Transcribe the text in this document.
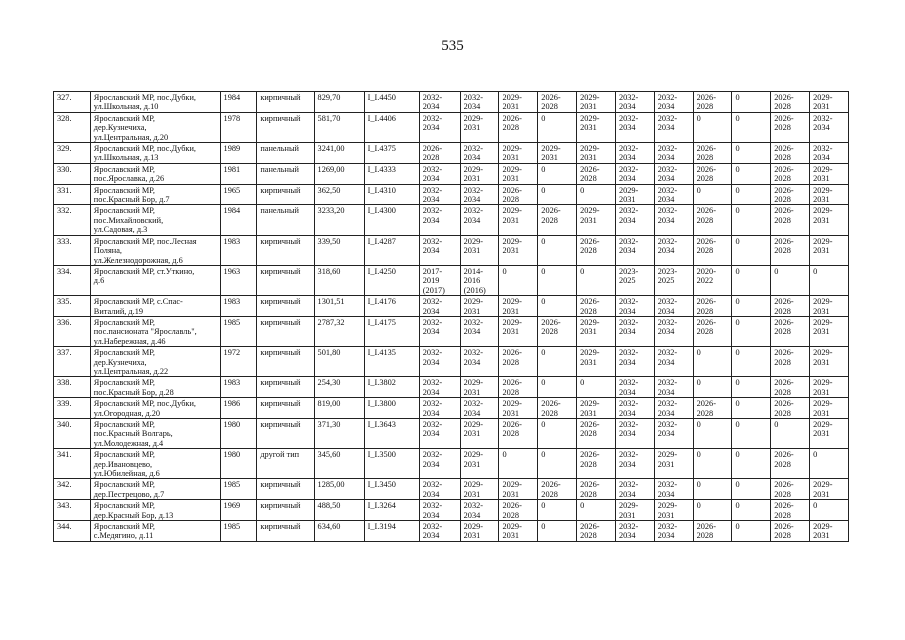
535
327.	Ярославский МР, пос.Дубки,
ул.Школьная, д.10	1984	кирпичный	829,70	I_I.4450	2032-
2034	2032-
2034	2029-
2031	2026-
2028	2029-
2031	2032-
2034	2032-
2034	2026-
2028	0	2026-
2028	2029-
2031
328.	Ярославский МР,
дер.Кузнечиха,
ул.Центральная, д.20	1978	кирпичный	581,70	I_I.4406	2032-
2034	2029-
2031	2026-
2028	0	2029-
2031	2032-
2034	2032-
2034	0	0	2026-
2028	2032-
2034
329.	Ярославский МР, пос.Дубки,
ул.Школьная, д.13	1989	панельный	3241,00	I_I.4375	2026-
2028	2032-
2034	2029-
2031	2029-
2031	2029-
2031	2032-
2034	2032-
2034	2026-
2028	0	2026-
2028	2032-
2034
330.	Ярославский МР,
пос.Ярославка, д.26	1981	панельный	1269,00	I_I.4333	2032-
2034	2029-
2031	2029-
2031	0	2026-
2028	2032-
2034	2032-
2034	2026-
2028	0	2026-
2028	2029-
2031
331.	Ярославский МР,
пос.Красный Бор, д.7	1965	кирпичный	362,50	I_I.4310	2032-
2034	2032-
2034	2026-
2028	0	0	2029-
2031	2032-
2034	0	0	2026-
2028	2029-
2031
332.	Ярославский МР,
пос.Михайловский,
ул.Садовая, д.3	1984	панельный	3233,20	I_I.4300	2032-
2034	2032-
2034	2029-
2031	2026-
2028	2029-
2031	2032-
2034	2032-
2034	2026-
2028	0	2026-
2028	2029-
2031
333.	Ярославский МР, пос.Лесная
Поляна,
ул.Железнодорожная, д.6	1983	кирпичный	339,50	I_I.4287	2032-
2034	2029-
2031	2029-
2031	0	2026-
2028	2032-
2034	2032-
2034	2026-
2028	0	2026-
2028	2029-
2031
334.	Ярославский МР, ст.Уткино,
д.6	1963	кирпичный	318,60	I_I.4250	2017-
2019
(2017)	2014-
2016
(2016)	0	0	0	2023-
2025	2023-
2025	2020-
2022	0	0	0
335.	Ярославский МР, с.Спас-
Виталий, д.19	1983	кирпичный	1301,51	I_I.4176	2032-
2034	2029-
2031	2029-
2031	0	2026-
2028	2032-
2034	2032-
2034	2026-
2028	0	2026-
2028	2029-
2031
336.	Ярославский МР,
пос.пансионата "Ярославль",
ул.Набережная, д.46	1985	кирпичный	2787,32	I_I.4175	2032-
2034	2032-
2034	2029-
2031	2026-
2028	2029-
2031	2032-
2034	2032-
2034	2026-
2028	0	2026-
2028	2029-
2031
337.	Ярославский МР,
дер.Кузнечиха,
ул.Центральная, д.22	1972	кирпичный	501,80	I_I.4135	2032-
2034	2032-
2034	2026-
2028	0	2029-
2031	2032-
2034	2032-
2034	0	0	2026-
2028	2029-
2031
338.	Ярославский МР,
пос.Красный Бор, д.28	1983	кирпичный	254,30	I_I.3802	2032-
2034	2029-
2031	2026-
2028	0	0	2032-
2034	2032-
2034	0	0	2026-
2028	2029-
2031
339.	Ярославский МР, пос.Дубки,
ул.Огородная, д.20	1986	кирпичный	819,00	I_I.3800	2032-
2034	2032-
2034	2029-
2031	2026-
2028	2029-
2031	2032-
2034	2032-
2034	2026-
2028	0	2026-
2028	2029-
2031
340.	Ярославский МР,
пос.Красный Волгарь,
ул.Молодежная, д.4	1980	кирпичный	371,30	I_I.3643	2032-
2034	2029-
2031	2026-
2028	0	2026-
2028	2032-
2034	2032-
2034	0	0	0	2029-
2031
341.	Ярославский МР,
дер.Ивановцево,
ул.Юбилейная, д.6	1980	другой тип	345,60	I_I.3500	2032-
2034	2029-
2031	0	0	2026-
2028	2032-
2034	2029-
2031	0	0	2026-
2028	0
342.	Ярославский МР,
дер.Пестрецово, д.7	1985	кирпичный	1285,00	I_I.3450	2032-
2034	2029-
2031	2029-
2031	2026-
2028	2026-
2028	2032-
2034	2032-
2034	0	0	2026-
2028	2029-
2031
343.	Ярославский МР,
дер.Красный Бор, д.13	1969	кирпичный	488,50	I_I.3264	2032-
2034	2032-
2034	2026-
2028	0	0	2029-
2031	2029-
2031	0	0	2026-
2028	0
344.	Ярославский МР,
с.Медягино, д.11	1985	кирпичный	634,60	I_I.3194	2032-
2034	2029-
2031	2029-
2031	0	2026-
2028	2032-
2034	2032-
2034	2026-
2028	0	2026-
2028	2029-
2031
